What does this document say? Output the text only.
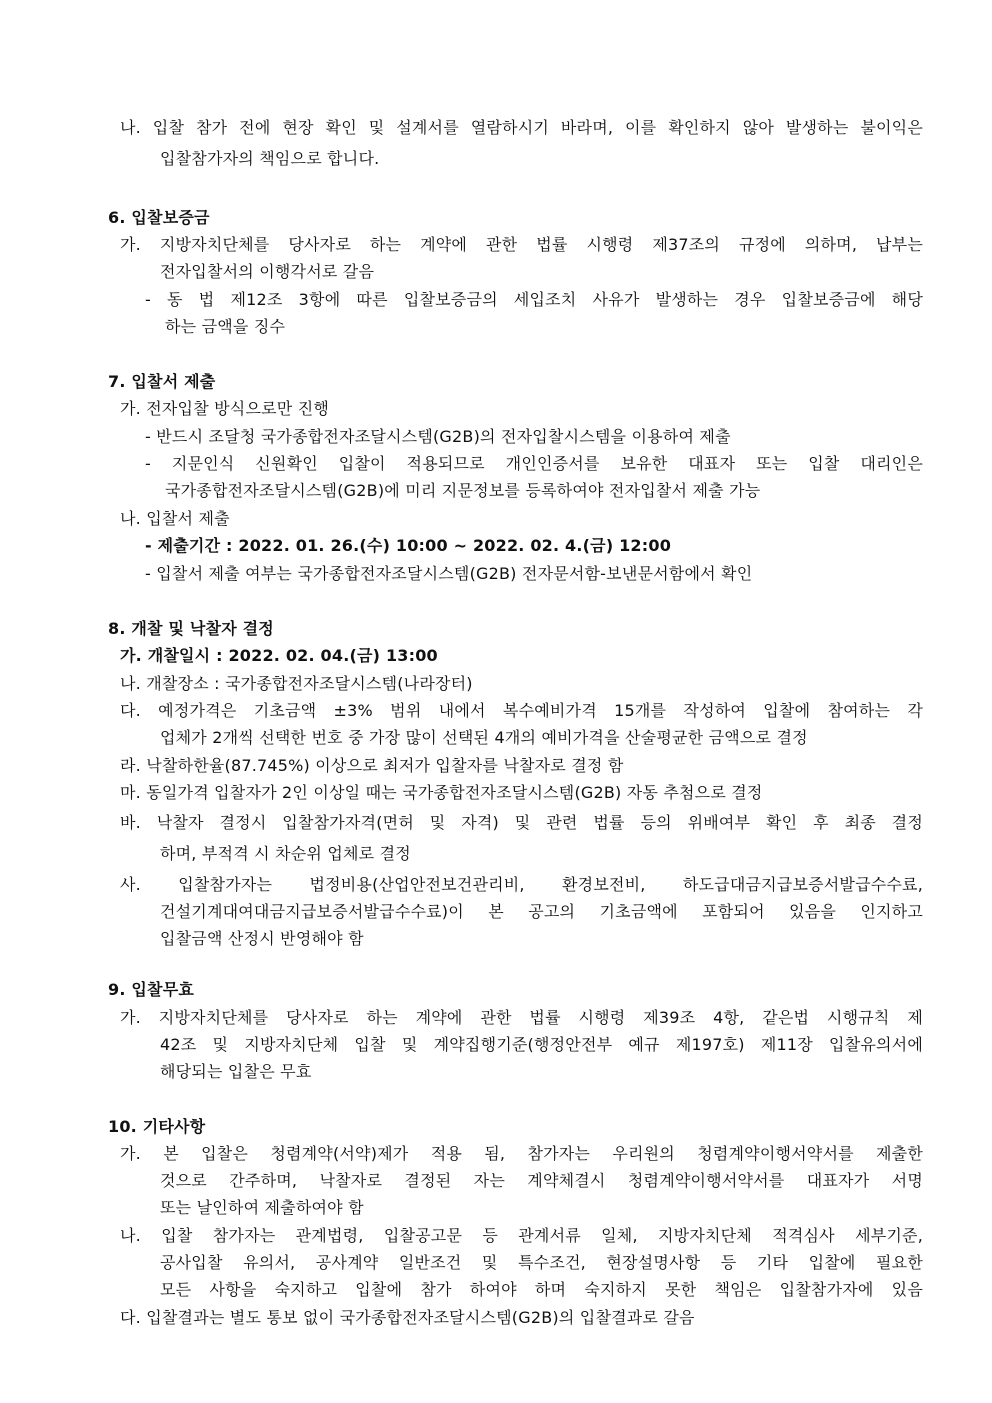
나. 입찰 참가 전에 현장 확인 및 설계서를 열람하시기 바라며, 이를 확인하지 않아 발생하는 불이익은
입찰참가자의 책임으로 합니다.
6. 입찰보증금
가. 지방자치단체를 당사자로 하는 계약에 관한 법률 시행령 제37조의 규정에 의하며, 납부는
전자입찰서의 이행각서로 갈음
- 동 법 제12조 3항에 따른 입찰보증금의 세입조치 사유가 발생하는 경우 입찰보증금에 해당
하는 금액을 징수
7. 입찰서 제출
가. 전자입찰 방식으로만 진행
- 반드시 조달청 국가종합전자조달시스템(G2B)의 전자입찰시스템을 이용하여 제출
- 지문인식 신원확인 입찰이 적용되므로 개인인증서를 보유한 대표자 또는 입찰 대리인은
국가종합전자조달시스템(G2B)에 미리 지문정보를 등록하여야 전자입찰서 제출 가능
나. 입찰서 제출
- 제출기간 : 2022. 01. 26.(수) 10:00 ~ 2022. 02. 4.(금) 12:00
- 입찰서 제출 여부는 국가종합전자조달시스템(G2B) 전자문서함-보낸문서함에서 확인
8. 개찰 및 낙찰자 결정
가. 개찰일시 : 2022. 02. 04.(금) 13:00
나. 개찰장소 : 국가종합전자조달시스템(나라장터)
다. 예정가격은 기초금액 ±3% 범위 내에서 복수예비가격 15개를 작성하여 입찰에 참여하는 각
업체가 2개씩 선택한 번호 중 가장 많이 선택된 4개의 예비가격을 산술평균한 금액으로 결정
라. 낙찰하한율(87.745%) 이상으로 최저가 입찰자를 낙찰자로 결정 함
마. 동일가격 입찰자가 2인 이상일 때는 국가종합전자조달시스템(G2B) 자동 추첨으로 결정
바. 낙찰자 결정시 입찰참가자격(면허 및 자격) 및 관련 법률 등의 위배여부 확인 후 최종 결정
하며, 부적격 시 차순위 업체로 결정
사. 입찰참가자는 법정비용(산업안전보건관리비, 환경보전비, 하도급대금지급보증서발급수수료,
건설기계대여대금지급보증서발급수수료)이 본 공고의 기초금액에 포함되어 있음을 인지하고
입찰금액 산정시 반영해야 함
9. 입찰무효
가. 지방자치단체를 당사자로 하는 계약에 관한 법률 시행령 제39조 4항, 같은법 시행규칙 제
42조 및 지방자치단체 입찰 및 계약집행기준(행정안전부 예규 제197호) 제11장 입찰유의서에
해당되는 입찰은 무효
10. 기타사항
가. 본 입찰은 청렴계약(서약)제가 적용 됨, 참가자는 우리원의 청렴계약이행서약서를 제출한
것으로 간주하며, 낙찰자로 결정된 자는 계약체결시 청렴계약이행서약서를 대표자가 서명
또는 날인하여 제출하여야 함
나. 입찰 참가자는 관계법령, 입찰공고문 등 관계서류 일체, 지방자치단체 적격심사 세부기준,
공사입찰 유의서, 공사계약 일반조건 및 특수조건, 현장설명사항 등 기타 입찰에 필요한
모든 사항을 숙지하고 입찰에 참가 하여야 하며 숙지하지 못한 책임은 입찰참가자에 있음
다. 입찰결과는 별도 통보 없이 국가종합전자조달시스템(G2B)의 입찰결과로 갈음
